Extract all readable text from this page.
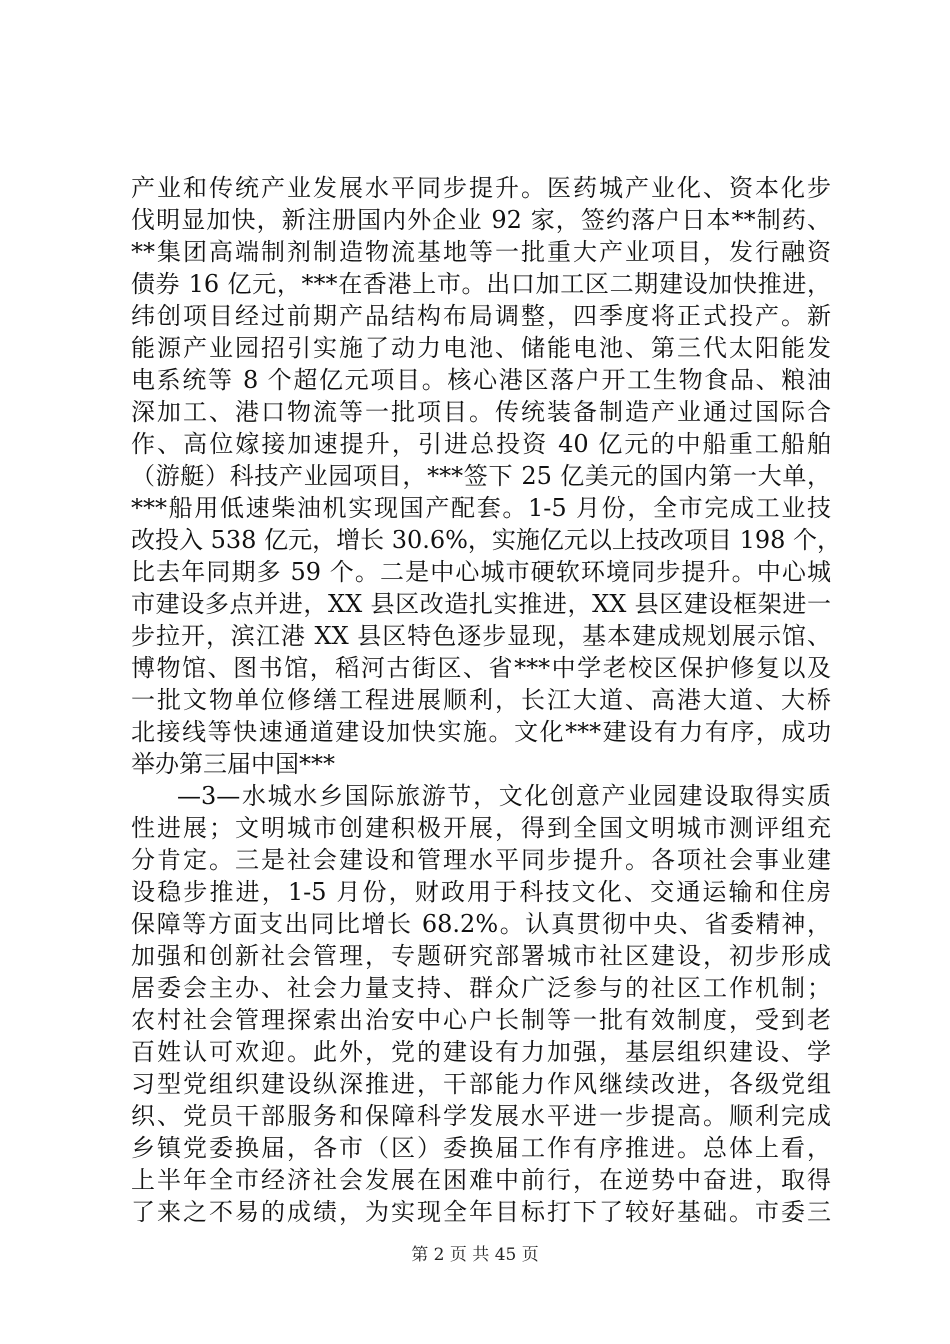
产业和传统产业发展水平同步提升。医药城产业化、资本化步
伐明显加快，新注册国内外企业 92 家，签约落户日本**制药、
**集团高端制剂制造物流基地等一批重大产业项目，发行融资
债券 16 亿元，***在香港上市。出口加工区二期建设加快推进，
纬创项目经过前期产品结构布局调整，四季度将正式投产。新
能源产业园招引实施了动力电池、储能电池、第三代太阳能发
电系统等 8 个超亿元项目。核心港区落户开工生物食品、粮油
深加工、港口物流等一批项目。传统装备制造产业通过国际合
作、高位嫁接加速提升，引进总投资 40 亿元的中船重工船舶
（游艇）科技产业园项目，***签下 25 亿美元的国内第一大单，
***船用低速柴油机实现国产配套。1-5 月份，全市完成工业技
改投入 538 亿元，增长 30.6%，实施亿元以上技改项目 198 个，
比去年同期多 59 个。二是中心城市硬软环境同步提升。中心城
市建设多点并进，XX 县区改造扎实推进，XX 县区建设框架进一
步拉开，滨江港 XX 县区特色逐步显现，基本建成规划展示馆、
博物馆、图书馆，稻河古街区、省***中学老校区保护修复以及
一批文物单位修缮工程进展顺利，长江大道、高港大道、大桥
北接线等快速通道建设加快实施。文化***建设有力有序，成功
举办第三届中国***
—3—水城水乡国际旅游节，文化创意产业园建设取得实质
性进展；文明城市创建积极开展，得到全国文明城市测评组充
分肯定。三是社会建设和管理水平同步提升。各项社会事业建
设稳步推进，1-5 月份，财政用于科技文化、交通运输和住房
保障等方面支出同比增长 68.2%。认真贯彻中央、省委精神，
加强和创新社会管理，专题研究部署城市社区建设，初步形成
居委会主办、社会力量支持、群众广泛参与的社区工作机制；
农村社会管理探索出治安中心户长制等一批有效制度，受到老
百姓认可欢迎。此外，党的建设有力加强，基层组织建设、学
习型党组织建设纵深推进，干部能力作风继续改进，各级党组
织、党员干部服务和保障科学发展水平进一步提高。顺利完成
乡镇党委换届，各市（区）委换届工作有序推进。总体上看，
上半年全市经济社会发展在困难中前行，在逆势中奋进，取得
了来之不易的成绩，为实现全年目标打下了较好基础。市委三
第 2 页 共 45 页
